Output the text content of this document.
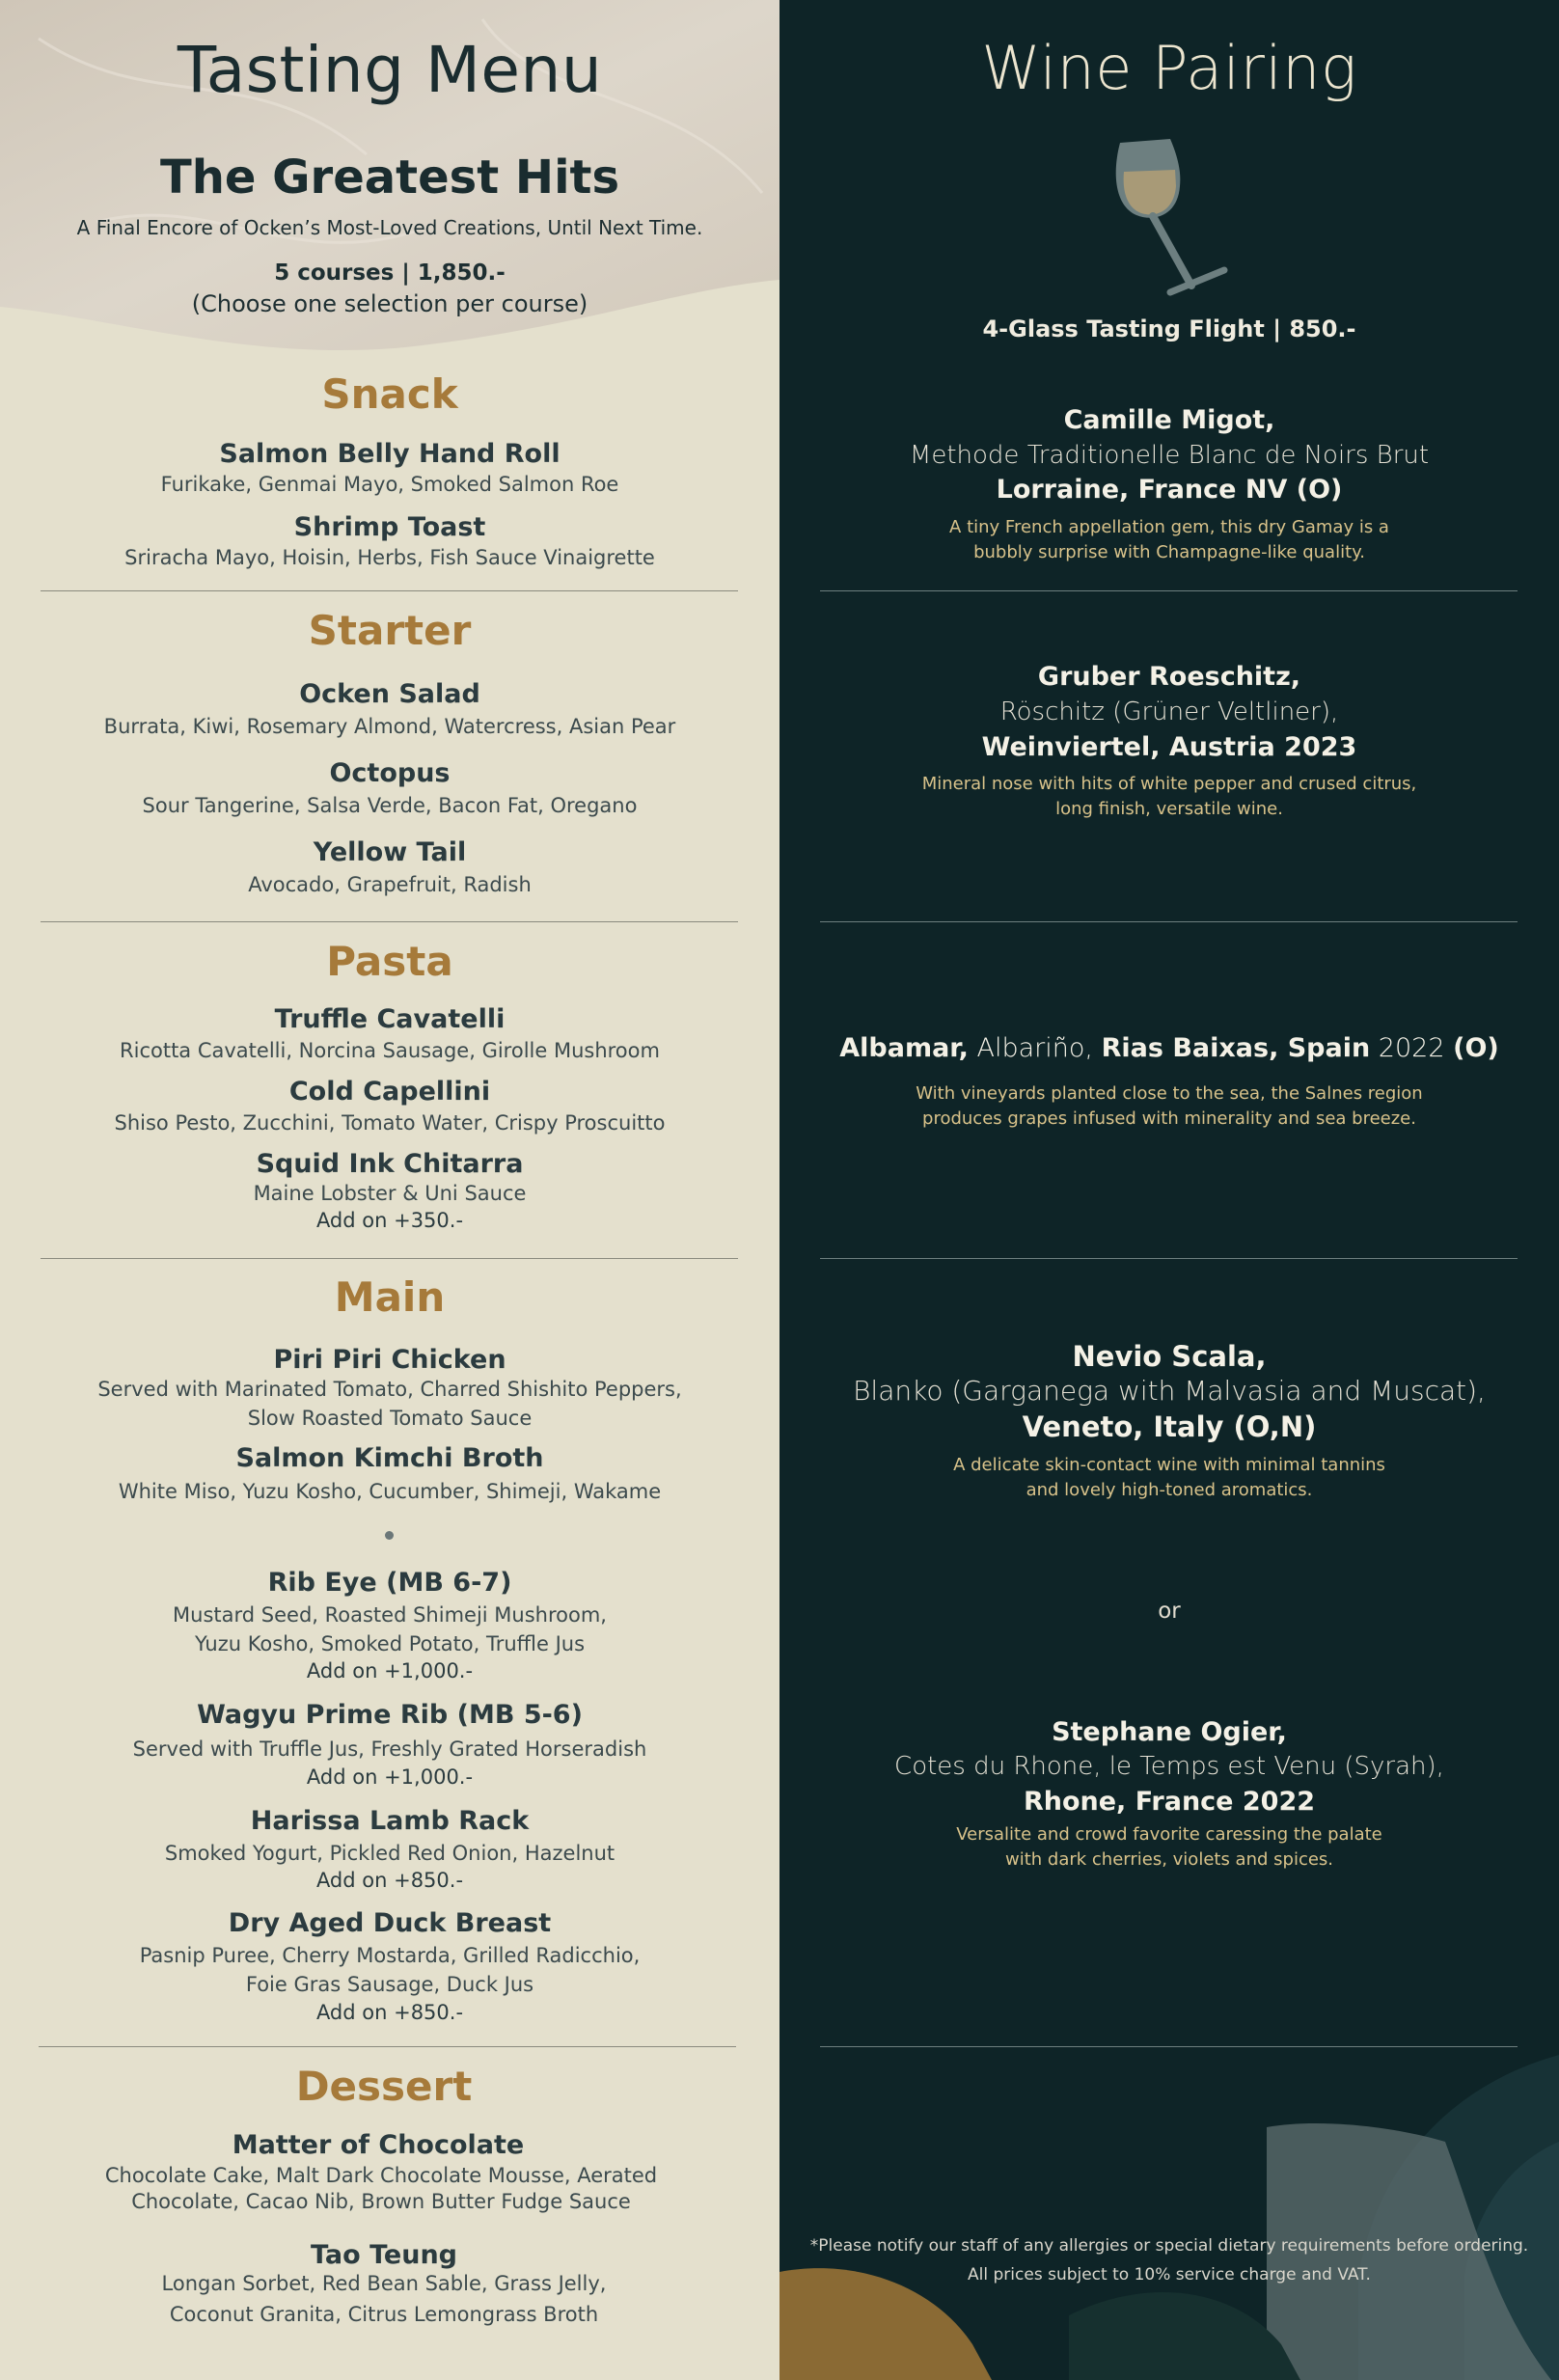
Tasting Menu
The Greatest Hits
A Final Encore of Ocken’s Most-Loved Creations, Until Next Time.
5 courses | 1,850.-
(Choose one selection per course)
Snack
Salmon Belly Hand Roll
Furikake, Genmai Mayo, Smoked Salmon Roe
Shrimp Toast
Sriracha Mayo, Hoisin, Herbs, Fish Sauce Vinaigrette
Starter
Ocken Salad
Burrata, Kiwi, Rosemary Almond, Watercress, Asian Pear
Octopus
Sour Tangerine, Salsa Verde, Bacon Fat, Oregano
Yellow Tail
Avocado, Grapefruit, Radish
Pasta
Truffle Cavatelli
Ricotta Cavatelli, Norcina Sausage, Girolle Mushroom
Cold Capellini
Shiso Pesto, Zucchini, Tomato Water, Crispy Proscuitto
Squid Ink Chitarra
Maine Lobster & Uni Sauce
Add on +350.-
Main
Piri Piri Chicken
Served with Marinated Tomato, Charred Shishito Peppers,
Slow Roasted Tomato Sauce
Salmon Kimchi Broth
White Miso, Yuzu Kosho, Cucumber, Shimeji, Wakame
Rib Eye (MB 6-7)
Mustard Seed, Roasted Shimeji Mushroom,
Yuzu Kosho, Smoked Potato, Truffle Jus
Add on +1,000.-
Wagyu Prime Rib (MB 5-6)
Served with Truffle Jus, Freshly Grated Horseradish
Add on +1,000.-
Harissa Lamb Rack
Smoked Yogurt, Pickled Red Onion, Hazelnut
Add on +850.-
Dry Aged Duck Breast
Pasnip Puree, Cherry Mostarda, Grilled Radicchio,
Foie Gras Sausage, Duck Jus
Add on +850.-
Dessert
Matter of Chocolate
Chocolate Cake, Malt Dark Chocolate Mousse, Aerated
Chocolate, Cacao Nib, Brown Butter Fudge Sauce
Tao Teung
Longan Sorbet, Red Bean Sable, Grass Jelly,
Coconut Granita, Citrus Lemongrass Broth
Wine Pairing
4-Glass Tasting Flight | 850.-
Camille Migot,
Methode Traditionelle Blanc de Noirs Brut
Lorraine, France NV (O)
A tiny French appellation gem, this dry Gamay is a
bubbly surprise with Champagne-like quality.
Gruber Roeschitz,
Röschitz (Grüner Veltliner),
Weinviertel, Austria 2023
Mineral nose with hits of white pepper and crused citrus,
long finish, versatile wine.
Albamar, Albariño, Rias Baixas, Spain 2022 (O)
With vineyards planted close to the sea, the Salnes region
produces grapes infused with minerality and sea breeze.
Nevio Scala,
Blanko (Garganega with Malvasia and Muscat),
Veneto, Italy (O,N)
A delicate skin-contact wine with minimal tannins
and lovely high-toned aromatics.
or
Stephane Ogier,
Cotes du Rhone, le Temps est Venu (Syrah),
Rhone, France 2022
Versalite and crowd favorite caressing the palate
with dark cherries, violets and spices.
*Please notify our staff of any allergies or special dietary requirements before ordering.
All prices subject to 10% service charge and VAT.
